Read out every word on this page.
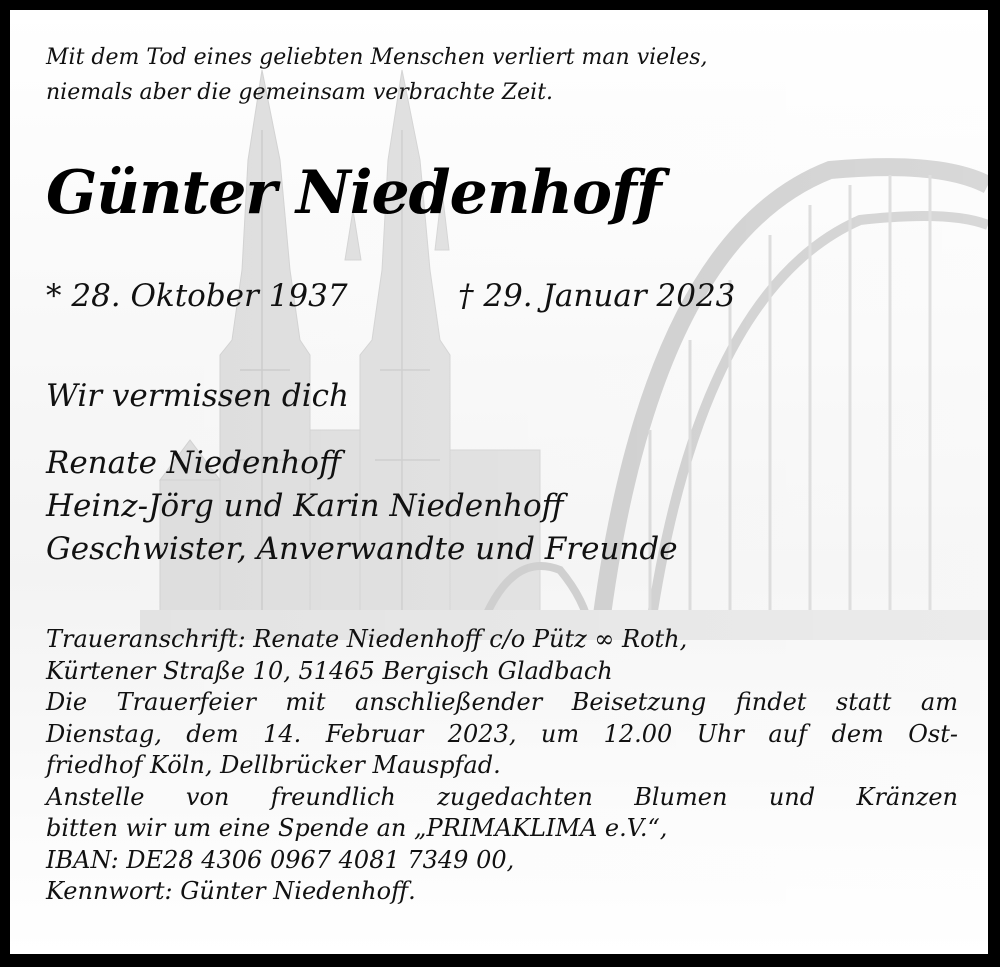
Mit dem Tod eines geliebten Menschen verliert man vieles,
niemals aber die gemeinsam verbrachte Zeit.
Günter Niedenhoff
* 28. Oktober 1937	† 29. Januar 2023
Wir vermissen dich
Renate Niedenhoff
Heinz-Jörg und Karin Niedenhoff
Geschwister, Anverwandte und Freunde
Traueranschrift: Renate Niedenhoff c/o Pütz ∞ Roth,
Kürtener Straße 10, 51465 Bergisch Gladbach
Die Trauerfeier mit anschließender Beisetzung findet statt am
Dienstag, dem 14. Februar 2023, um 12.00 Uhr auf dem Ost-
friedhof Köln, Dellbrücker Mauspfad.
Anstelle von freundlich zugedachten Blumen und Kränzen
bitten wir um eine Spende an „PRIMAKLIMA e.V.“,
IBAN: DE28 4306 0967 4081 7349 00,
Kennwort: Günter Niedenhoff.
